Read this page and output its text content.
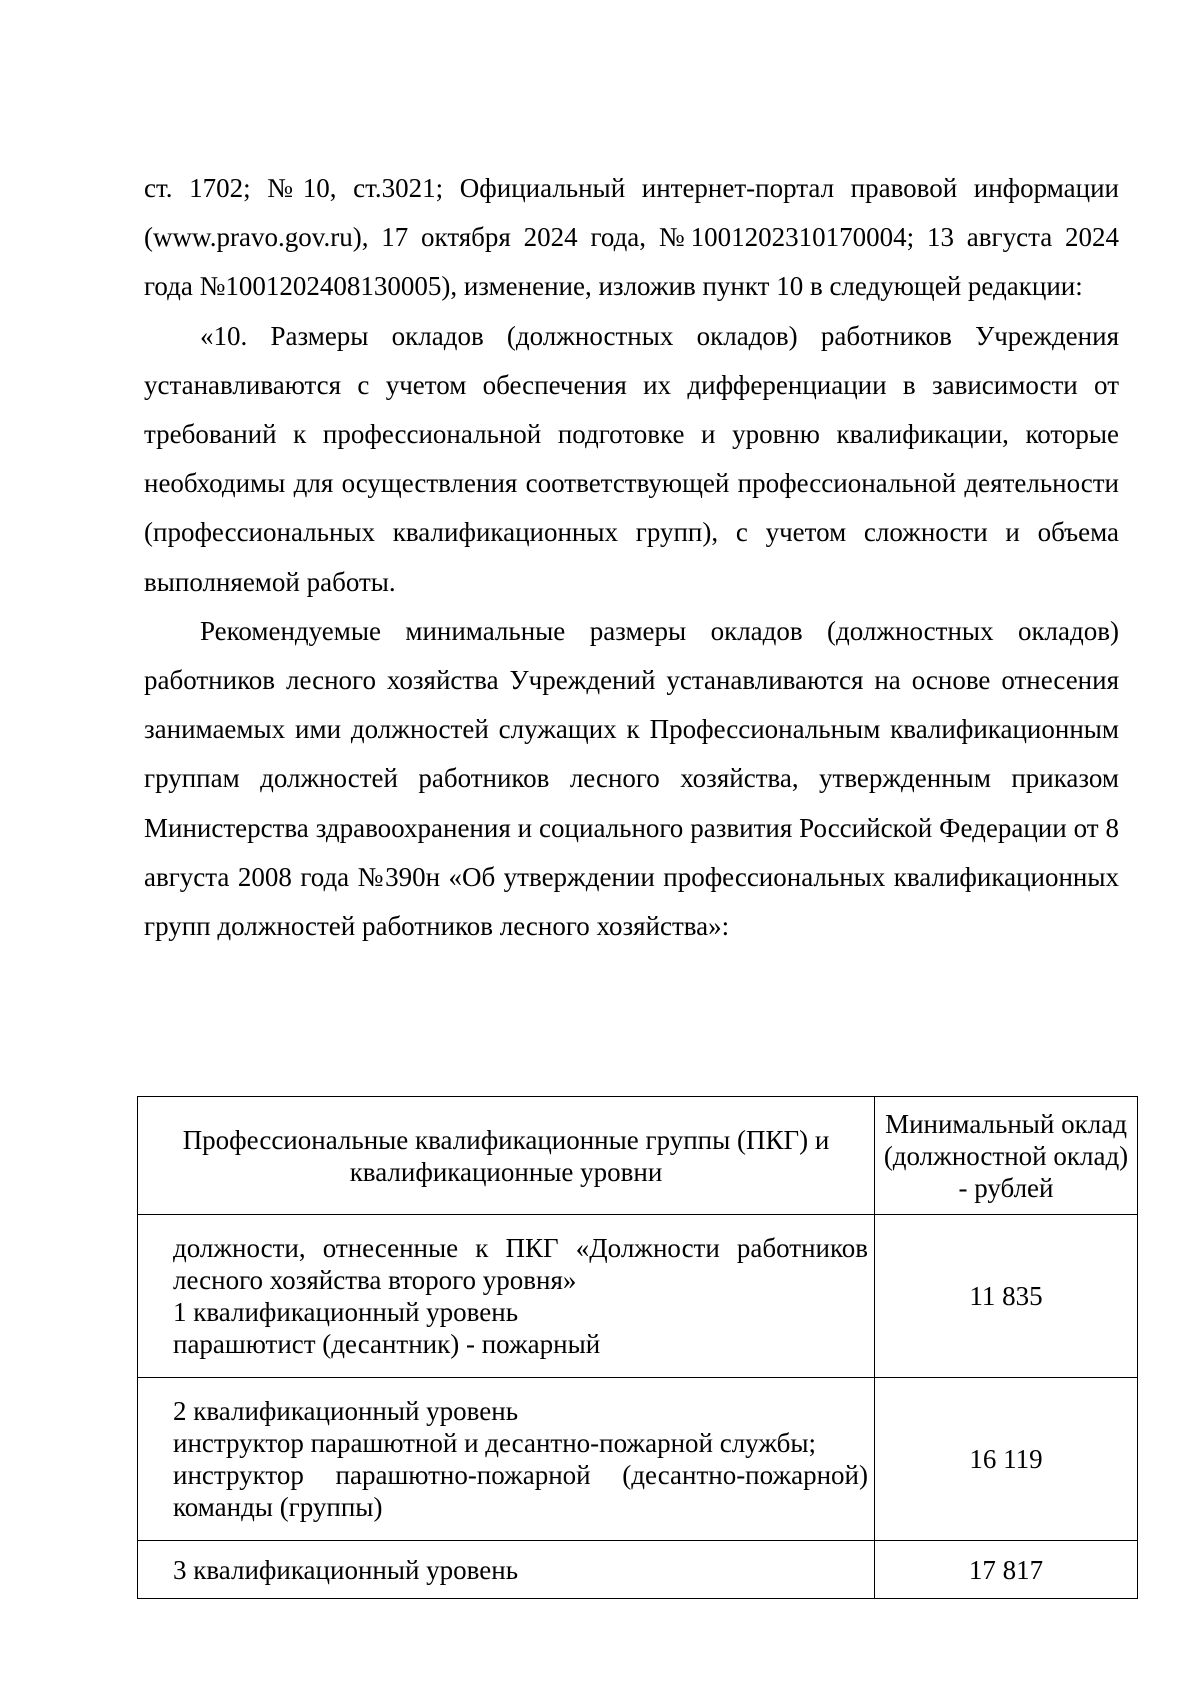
ст. 1702; №10, ст.3021; Официальный интернет-портал правовой информации (www.pravo.gov.ru), 17 октября 2024 года, №1001202310170004; 13 августа 2024 года №1001202408130005), изменение, изложив пункт 10 в следующей редакции:

«10. Размеры окладов (должностных окладов) работников Учреждения устанавливаются с учетом обеспечения их дифференциации в зависимости от требований к профессиональной подготовке и уровню квалификации, которые необходимы для осуществления соответствующей профессиональной деятельности (профессиональных квалификационных групп), с учетом сложности и объема выполняемой работы.

Рекомендуемые минимальные размеры окладов (должностных окладов) работников лесного хозяйства Учреждений устанавливаются на основе отнесения занимаемых ими должностей служащих к Профессиональным квалификационным группам должностей работников лесного хозяйства, утвержденным приказом Министерства здравоохранения и социального развития Российской Федерации от 8 августа 2008 года №390н «Об утверждении профессиональных квалификационных групп должностей работников лесного хозяйства»:

Профессиональные квалификационные группы (ПКГ) и квалификационные уровни	Минимальный оклад (должностной оклад) - рублей

должности, отнесенные к ПКГ «Должности работников лесного хозяйства второго уровня»
1 квалификационный уровень
парашютист (десантник) - пожарный	11 835

2 квалификационный уровень
инструктор парашютной и десантно-пожарной службы;
инструктор парашютно-пожарной (десантно-пожарной) команды (группы)	16 119

3 квалификационный уровень	17 817
